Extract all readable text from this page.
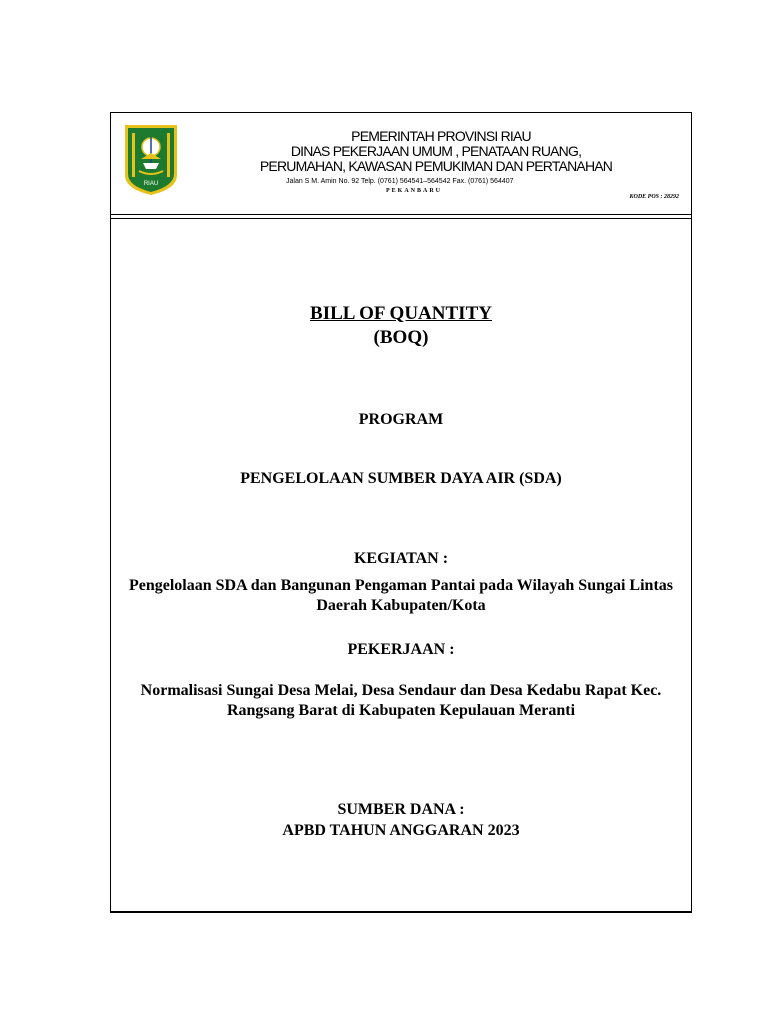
RIAU
PEMERINTAH PROVINSI RIAU
DINAS PEKERJAAN UMUM , PENATAAN RUANG,
PERUMAHAN, KAWASAN PEMUKIMAN DAN PERTANAHAN
Jalan S M. Amin No. 92 Telp. (0761) 564541–564542 Fax. (0761) 564407
PEKANBARU
KODE POS : 28292
BILL OF QUANTITY
(BOQ)
PROGRAM
PENGELOLAAN SUMBER DAYA AIR (SDA)
KEGIATAN :
Pengelolaan SDA dan Bangunan Pengaman Pantai pada Wilayah Sungai Lintas Daerah Kabupaten/Kota
PEKERJAAN :
Normalisasi Sungai Desa Melai, Desa Sendaur dan Desa Kedabu Rapat Kec. Rangsang Barat di Kabupaten Kepulauan Meranti
SUMBER DANA :
APBD TAHUN ANGGARAN 2023
